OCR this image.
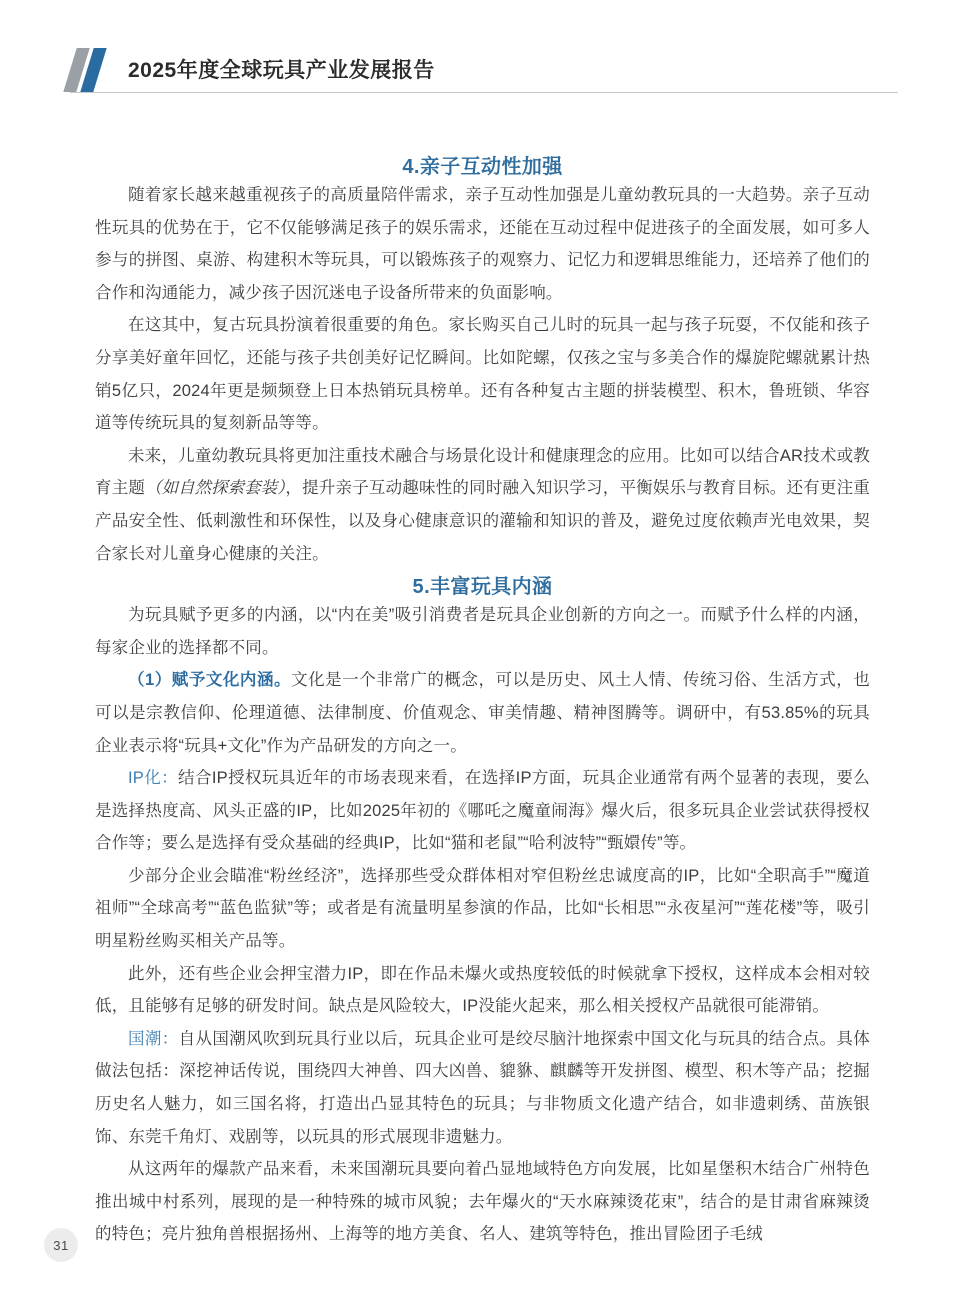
2025年度全球玩具产业发展报告
4.亲子互动性加强

随着家长越来越重视孩子的高质量陪伴需求，亲子互动性加强是儿童幼教玩具的一大趋势。亲子互动性玩具的优势在于，它不仅能够满足孩子的娱乐需求，还能在互动过程中促进孩子的全面发展，如可多人参与的拼图、桌游、构建积木等玩具，可以锻炼孩子的观察力、记忆力和逻辑思维能力，还培养了他们的合作和沟通能力，减少孩子因沉迷电子设备所带来的负面影响。

在这其中，复古玩具扮演着很重要的角色。家长购买自己儿时的玩具一起与孩子玩耍，不仅能和孩子分享美好童年回忆，还能与孩子共创美好记忆瞬间。比如陀螺，仅孩之宝与多美合作的爆旋陀螺就累计热销5亿只，2024年更是频频登上日本热销玩具榜单。还有各种复古主题的拼装模型、积木，鲁班锁、华容道等传统玩具的复刻新品等等。

未来，儿童幼教玩具将更加注重技术融合与场景化设计和健康理念的应用。比如可以结合AR技术或教育主题（如自然探索套装），提升亲子互动趣味性的同时融入知识学习，平衡娱乐与教育目标。还有更注重产品安全性、低刺激性和环保性，以及身心健康意识的灌输和知识的普及，避免过度依赖声光电效果，契合家长对儿童身心健康的关注。

5.丰富玩具内涵

为玩具赋予更多的内涵，以“内在美”吸引消费者是玩具企业创新的方向之一。而赋予什么样的内涵，每家企业的选择都不同。

（1）赋予文化内涵。文化是一个非常广的概念，可以是历史、风土人情、传统习俗、生活方式，也可以是宗教信仰、伦理道德、法律制度、价值观念、审美情趣、精神图腾等。调研中，有53.85%的玩具企业表示将“玩具+文化”作为产品研发的方向之一。

IP化：结合IP授权玩具近年的市场表现来看，在选择IP方面，玩具企业通常有两个显著的表现，要么是选择热度高、风头正盛的IP，比如2025年初的《哪吒之魔童闹海》爆火后，很多玩具企业尝试获得授权合作等；要么是选择有受众基础的经典IP，比如“猫和老鼠”“哈利波特”“甄嬛传”等。

少部分企业会瞄准“粉丝经济”，选择那些受众群体相对窄但粉丝忠诚度高的IP，比如“全职高手”“魔道祖师”“全球高考”“蓝色监狱”等；或者是有流量明星参演的作品，比如“长相思”“永夜星河”“莲花楼”等，吸引明星粉丝购买相关产品等。

此外，还有些企业会押宝潜力IP，即在作品未爆火或热度较低的时候就拿下授权，这样成本会相对较低，且能够有足够的研发时间。缺点是风险较大，IP没能火起来，那么相关授权产品就很可能滞销。

国潮：自从国潮风吹到玩具行业以后，玩具企业可是绞尽脑汁地探索中国文化与玩具的结合点。具体做法包括：深挖神话传说，围绕四大神兽、四大凶兽、貔貅、麒麟等开发拼图、模型、积木等产品；挖掘历史名人魅力，如三国名将，打造出凸显其特色的玩具；与非物质文化遗产结合，如非遗刺绣、苗族银饰、东莞千角灯、戏剧等，以玩具的形式展现非遗魅力。

从这两年的爆款产品来看，未来国潮玩具要向着凸显地域特色方向发展，比如星堡积木结合广州特色推出城中村系列，展现的是一种特殊的城市风貌；去年爆火的“天水麻辣烫花束”，结合的是甘肃省麻辣烫的特色；亮片独角兽根据扬州、上海等的地方美食、名人、建筑等特色，推出冒险团子毛绒

31
